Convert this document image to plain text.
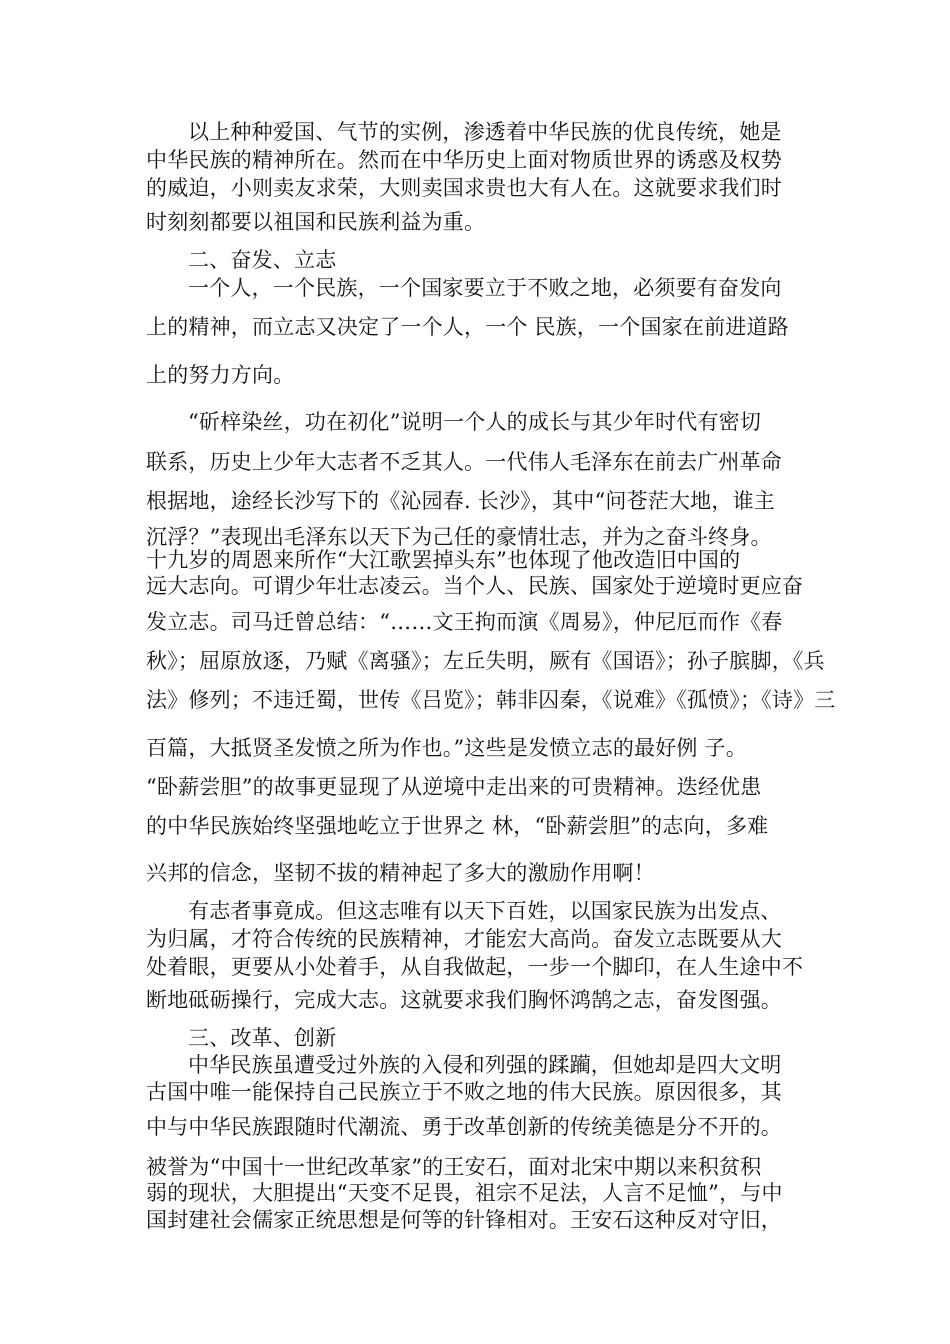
以上种种爱国、气节的实例，渗透着中华民族的优良传统，她是
中华民族的精神所在。然而在中华历史上面对物质世界的诱惑及权势
的威迫，小则卖友求荣，大则卖国求贵也大有人在。这就要求我们时
时刻刻都要以祖国和民族利益为重。
二、奋发、立志
一个人，一个民族，一个国家要立于不败之地，必须要有奋发向
上的精神，而立志又决定了一个人，一个 民族，一个国家在前进道路
上的努力方向。
“斫梓染丝，功在初化”说明一个人的成长与其少年时代有密切
联系，历史上少年大志者不乏其人。一代伟人毛泽东在前去广州革命
根据地，途经长沙写下的《沁园春. 长沙》，其中“问苍茫大地，谁主
沉浮？”表现出毛泽东以天下为己任的豪情壮志，并为之奋斗终身。
十九岁的周恩来所作“大江歌罢掉头东”也体现了他改造旧中国的
远大志向。可谓少年壮志凌云。当个人、民族、国家处于逆境时更应奋
发立志。司马迁曾总结：“……文王拘而演《周易》，仲尼厄而作《春
秋》；屈原放逐，乃赋《离骚》；左丘失明，厥有《国语》；孙子膑脚，《兵
法》修列；不违迁蜀，世传《吕览》；韩非囚秦，《说难》《孤愤》；《诗》三
百篇，大抵贤圣发愤之所为作也。”这些是发愤立志的最好例 子。
“卧薪尝胆”的故事更显现了从逆境中走出来的可贵精神。迭经优患
的中华民族始终坚强地屹立于世界之 林，“卧薪尝胆”的志向，多难
兴邦的信念，坚韧不拔的精神起了多大的激励作用啊！
有志者事竟成。但这志唯有以天下百姓，以国家民族为出发点、
为归属，才符合传统的民族精神，才能宏大高尚。奋发立志既要从大
处着眼，更要从小处着手，从自我做起，一步一个脚印，在人生途中不
断地砥砺操行，完成大志。这就要求我们胸怀鸿鹄之志，奋发图强。
三、改革、创新
中华民族虽遭受过外族的入侵和列强的蹂躏，但她却是四大文明
古国中唯一能保持自己民族立于不败之地的伟大民族。原因很多，其
中与中华民族跟随时代潮流、勇于改革创新的传统美德是分不开的。
被誉为“中国十一世纪改革家”的王安石，面对北宋中期以来积贫积
弱的现状，大胆提出“天变不足畏，祖宗不足法，人言不足恤”，与中
国封建社会儒家正统思想是何等的针锋相对。王安石这种反对守旧，
